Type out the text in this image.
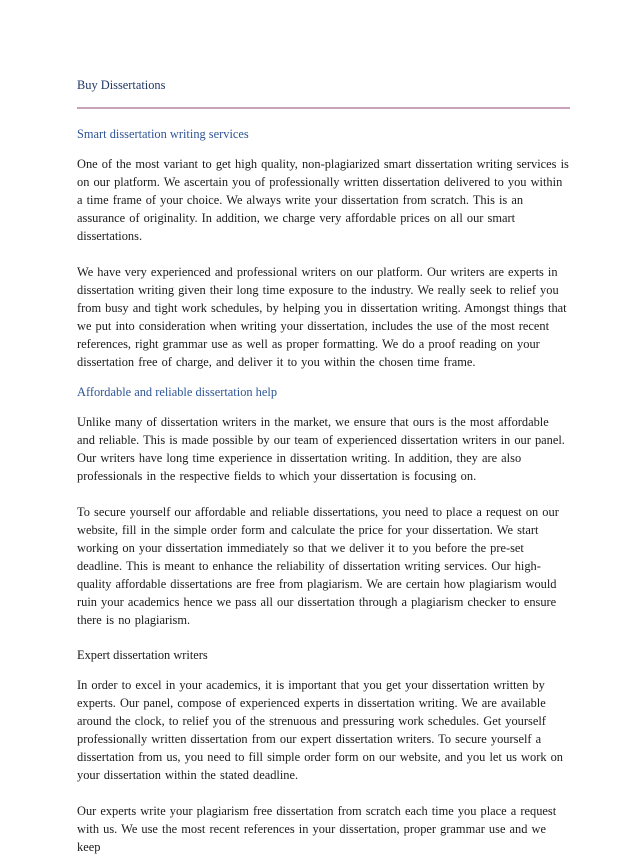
Buy Dissertations

Smart dissertation writing services

One of the most variant to get high quality, non-plagiarized smart dissertation writing services is on our platform. We ascertain you of professionally written dissertation delivered to you within a time frame of your choice. We always write your dissertation from scratch. This is an assurance of originality. In addition, we charge very affordable prices on all our smart dissertations.

We have very experienced and professional writers on our platform. Our writers are experts in dissertation writing given their long time exposure to the industry. We really seek to relief you from busy and tight work schedules, by helping you in dissertation writing. Amongst things that we put into consideration when writing your dissertation, includes the use of the most recent references, right grammar use as well as proper formatting. We do a proof reading on your dissertation free of charge, and deliver it to you within the chosen time frame.

Affordable and reliable dissertation help

Unlike many of dissertation writers in the market, we ensure that ours is the most affordable and reliable. This is made possible by our team of experienced dissertation writers in our panel. Our writers have long time experience in dissertation writing. In addition, they are also professionals in the respective fields to which your dissertation is focusing on.

To secure yourself our affordable and reliable dissertations, you need to place a request on our website, fill in the simple order form and calculate the price for your dissertation. We start working on your dissertation immediately so that we deliver it to you before the pre-set deadline. This is meant to enhance the reliability of dissertation writing services. Our high-quality affordable dissertations are free from plagiarism. We are certain how plagiarism would ruin your academics hence we pass all our dissertation through a plagiarism checker to ensure there is no plagiarism.

Expert dissertation writers

In order to excel in your academics, it is important that you get your dissertation written by experts. Our panel, compose of experienced experts in dissertation writing. We are available around the clock, to relief you of the strenuous and pressuring work schedules. Get yourself professionally written dissertation from our expert dissertation writers. To secure yourself a dissertation from us, you need to fill simple order form on our website, and you let us work on your dissertation within the stated deadline.

Our experts write your plagiarism free dissertation from scratch each time you place a request with us. We use the most recent references in your dissertation, proper grammar use and we keep
